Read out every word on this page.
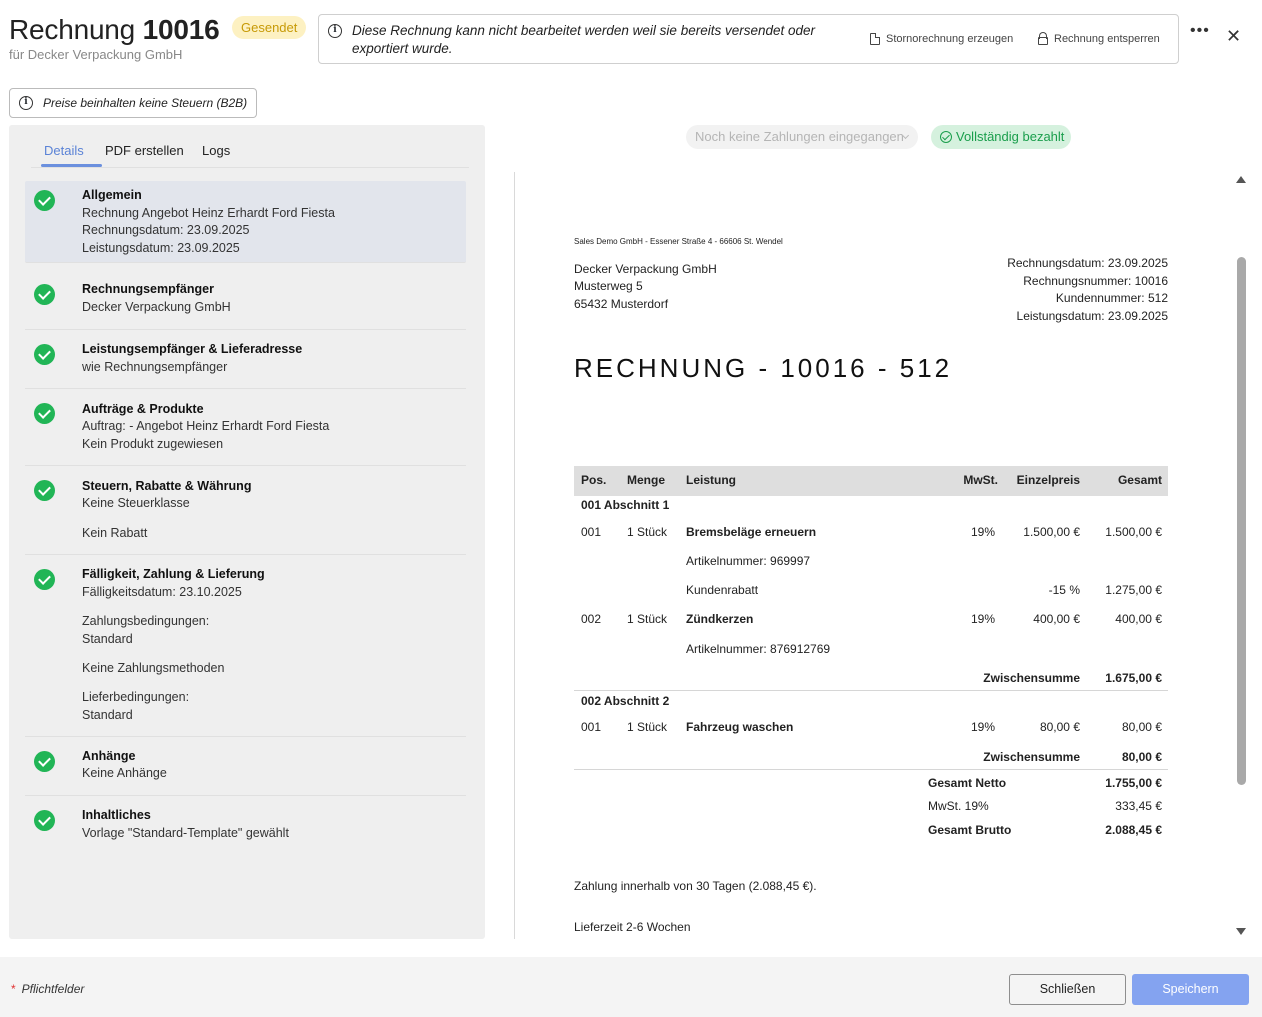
Rechnung 10016	Gesendet
für Decker Verpackung GmbH
i	Diese Rechnung kann nicht bearbeitet werden weil sie bereits versendet oder exportiert wurde.
Stornorechnung erzeugen	Rechnung entsperren ••• ✕
i	Preise beinhalten keine Steuern (B2B)
Details PDF erstellen Logs
Allgemein
Rechnung Angebot Heinz Erhardt Ford Fiesta
Rechnungsdatum: 23.09.2025
Leistungsdatum: 23.09.2025
Rechnungsempfänger
Decker Verpackung GmbH
Leistungsempfänger & Lieferadresse
wie Rechnungsempfänger
Aufträge & Produkte
Auftrag: - Angebot Heinz Erhardt Ford Fiesta
Kein Produkt zugewiesen
Steuern, Rabatte & Währung
Keine Steuerklasse
Kein Rabatt
Fälligkeit, Zahlung & Lieferung
Fälligkeitsdatum: 23.10.2025
Zahlungsbedingungen:
Standard
Keine Zahlungsmethoden
Lieferbedingungen:
Standard
Anhänge
Keine Anhänge
Inhaltliches
Vorlage "Standard-Template" gewählt
Noch keine Zahlungen eingegangen	Vollständig bezahlt
Sales Demo GmbH - Essener Straße 4 - 66606 St. Wendel
Decker Verpackung GmbH
Musterweg 5
65432 Musterdorf
Rechnungsdatum: 23.09.2025
Rechnungsnummer: 10016
Kundennummer: 512
Leistungsdatum: 23.09.2025
RECHNUNG - 10016 - 512
Pos. Menge Leistung	MwSt. Einzelpreis	Gesamt
001 Abschnitt 1
001 1 Stück Bremsbeläge erneuern	19% 1.500,00 € 1.500,00 €
Artikelnummer: 969997
Kundenrabatt	-15 % 1.275,00 €
002 1 Stück Zündkerzen	19%	400,00 €	400,00 €
Artikelnummer: 876912769
Zwischensumme 1.675,00 €
002 Abschnitt 2
001 1 Stück Fahrzeug waschen	19%	80,00 €	80,00 €
Zwischensumme	80,00 €
Gesamt Netto	1.755,00 €
MwSt. 19%	333,45 €
Gesamt Brutto	2.088,45 €
Zahlung innerhalb von 30 Tagen (2.088,45 €).
Lieferzeit 2-6 Wochen
* Pflichtfelder	Schließen	Speichern
